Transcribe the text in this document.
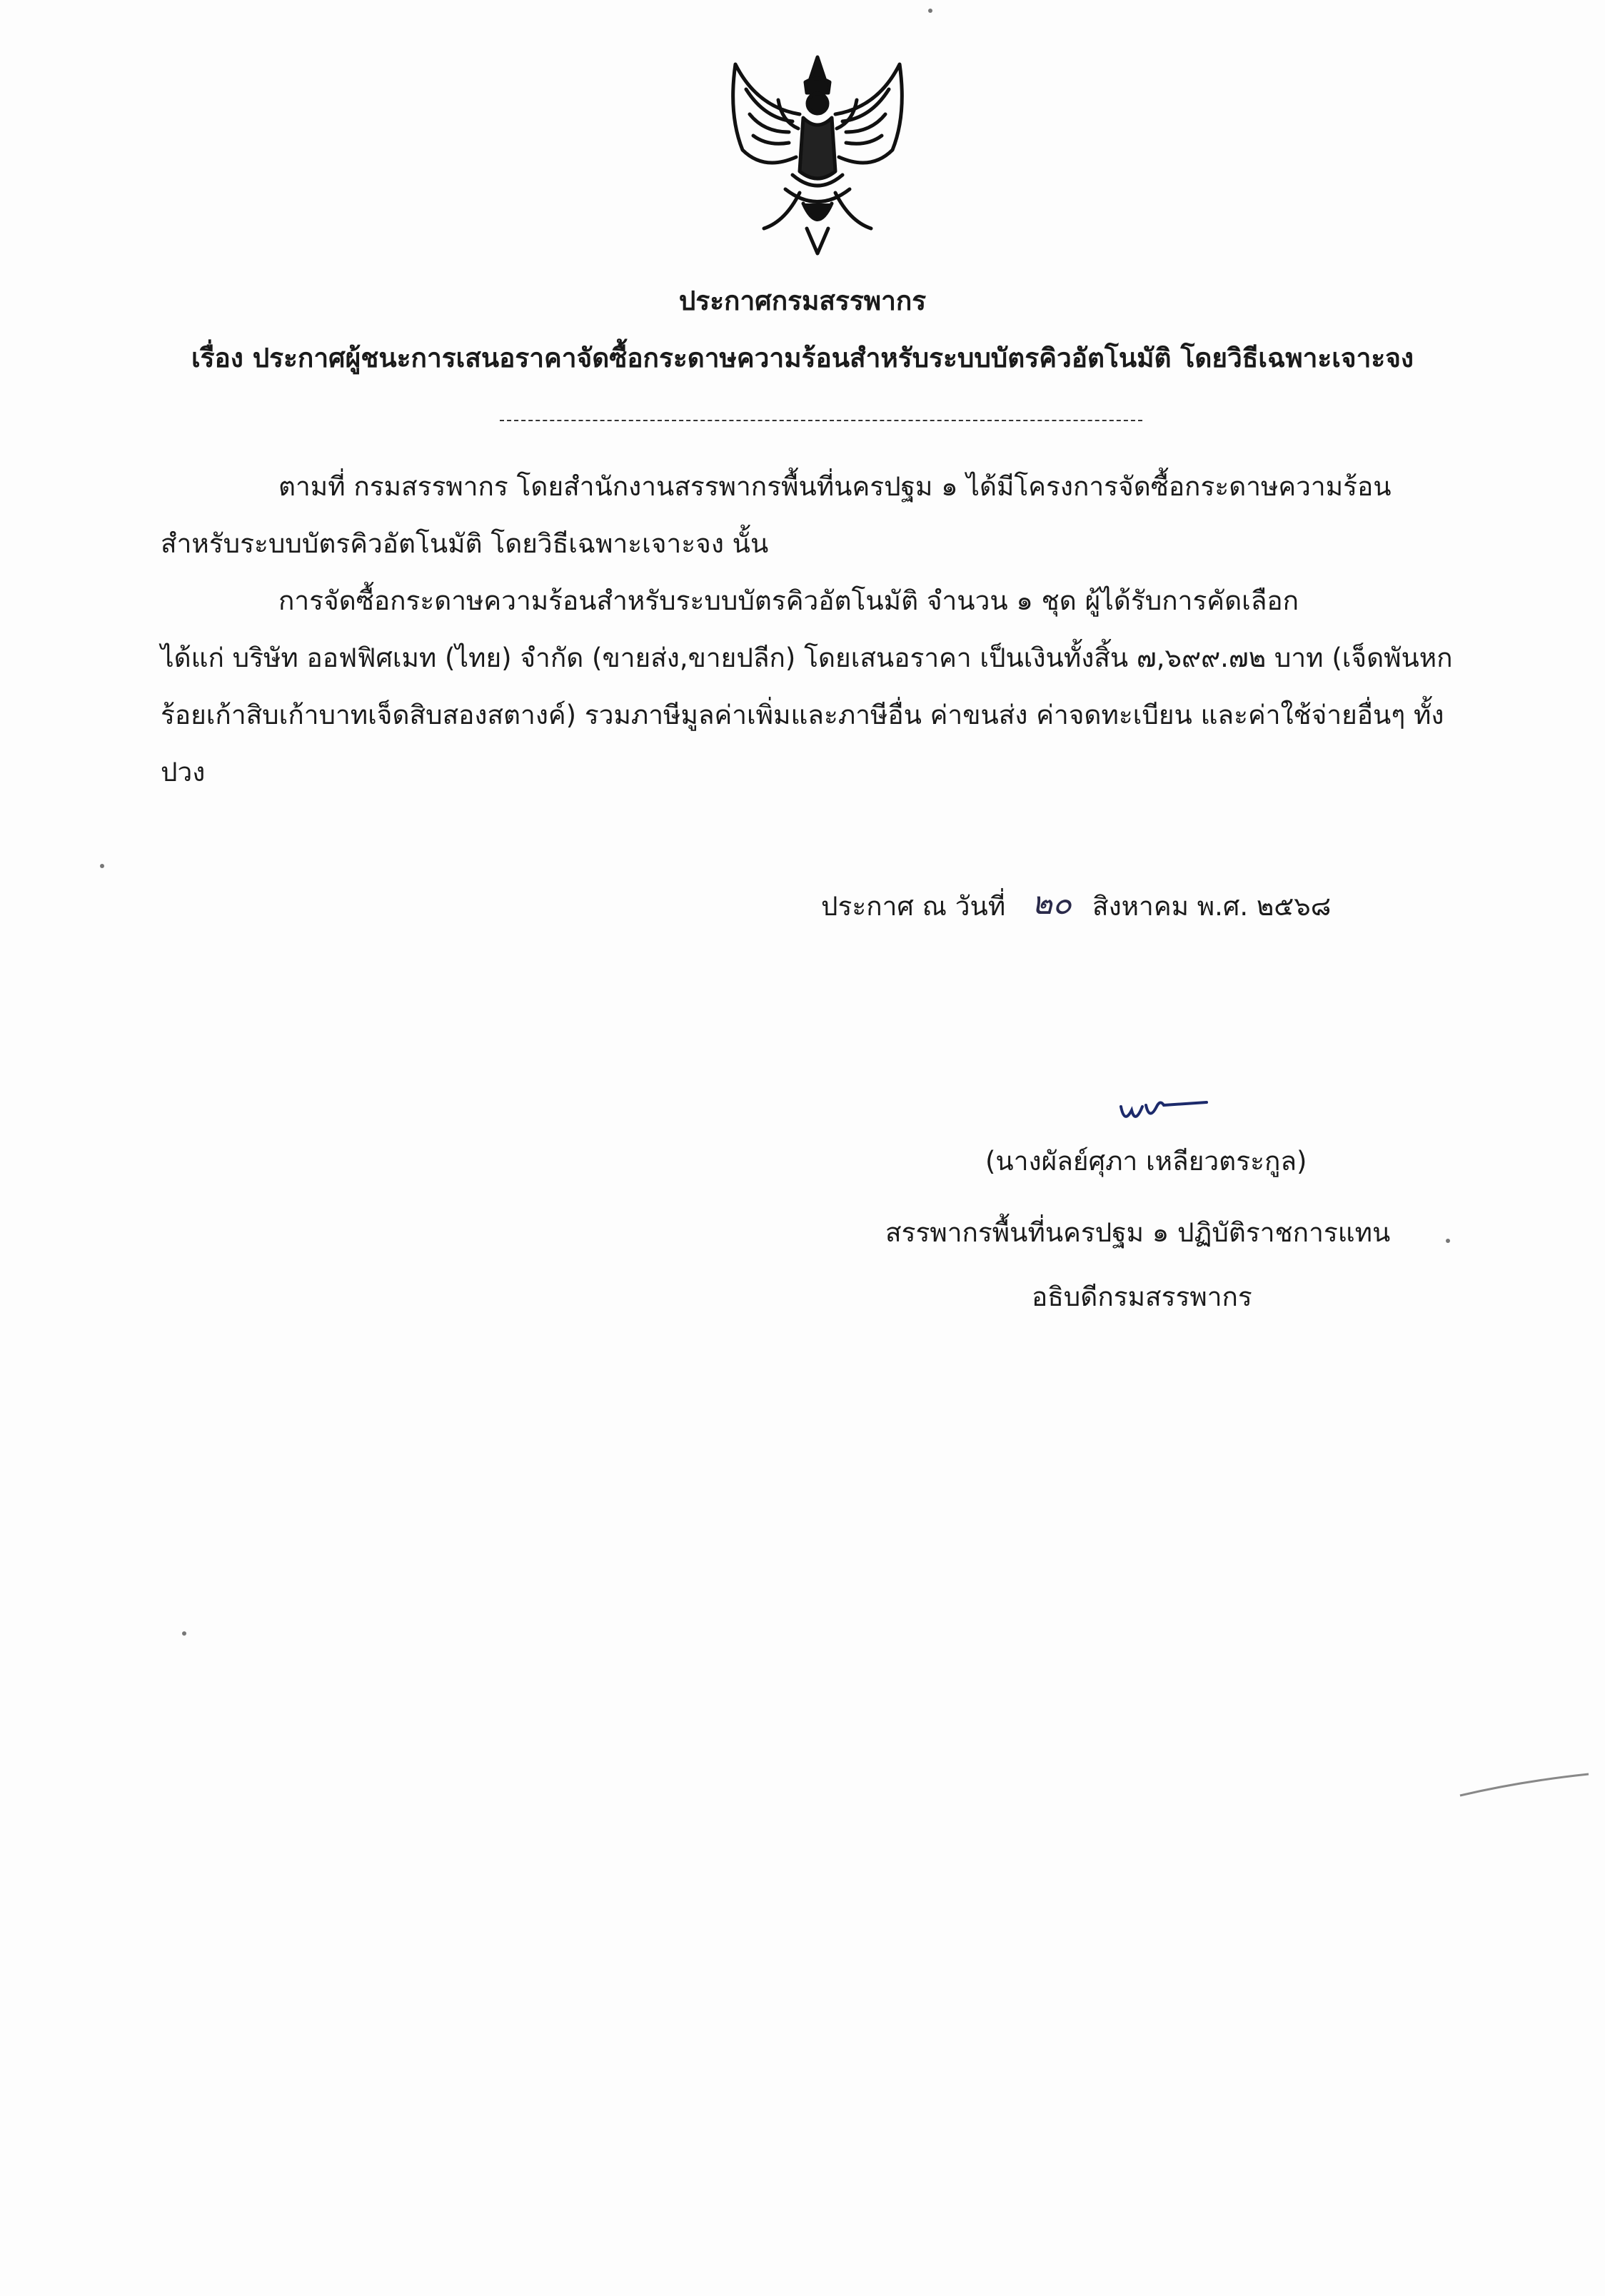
ประกาศกรมสรรพากร
เรื่อง ประกาศผู้ชนะการเสนอราคาจัดซื้อกระดาษความร้อนสำหรับระบบบัตรคิวอัตโนมัติ โดยวิธีเฉพาะเจาะจง
ตามที่ กรมสรรพากร โดยสำนักงานสรรพากรพื้นที่นครปฐม ๑ ได้มีโครงการจัดซื้อกระดาษความร้อน
สำหรับระบบบัตรคิวอัตโนมัติ โดยวิธีเฉพาะเจาะจง นั้น
การจัดซื้อกระดาษความร้อนสำหรับระบบบัตรคิวอัตโนมัติ จำนวน ๑ ชุด ผู้ได้รับการคัดเลือก
ได้แก่ บริษัท ออฟฟิศเมท (ไทย) จำกัด (ขายส่ง,ขายปลีก) โดยเสนอราคา เป็นเงินทั้งสิ้น ๗,๖๙๙.๗๒ บาท (เจ็ดพันหก
ร้อยเก้าสิบเก้าบาทเจ็ดสิบสองสตางค์) รวมภาษีมูลค่าเพิ่มและภาษีอื่น ค่าขนส่ง ค่าจดทะเบียน และค่าใช้จ่ายอื่นๆ ทั้ง
ปวง
ประกาศ ณ วันที่ ๒๐ สิงหาคม พ.ศ. ๒๕๖๘
(นางผัลย์ศุภา เหลียวตระกูล)
สรรพากรพื้นที่นครปฐม ๑ ปฏิบัติราชการแทน
อธิบดีกรมสรรพากร
